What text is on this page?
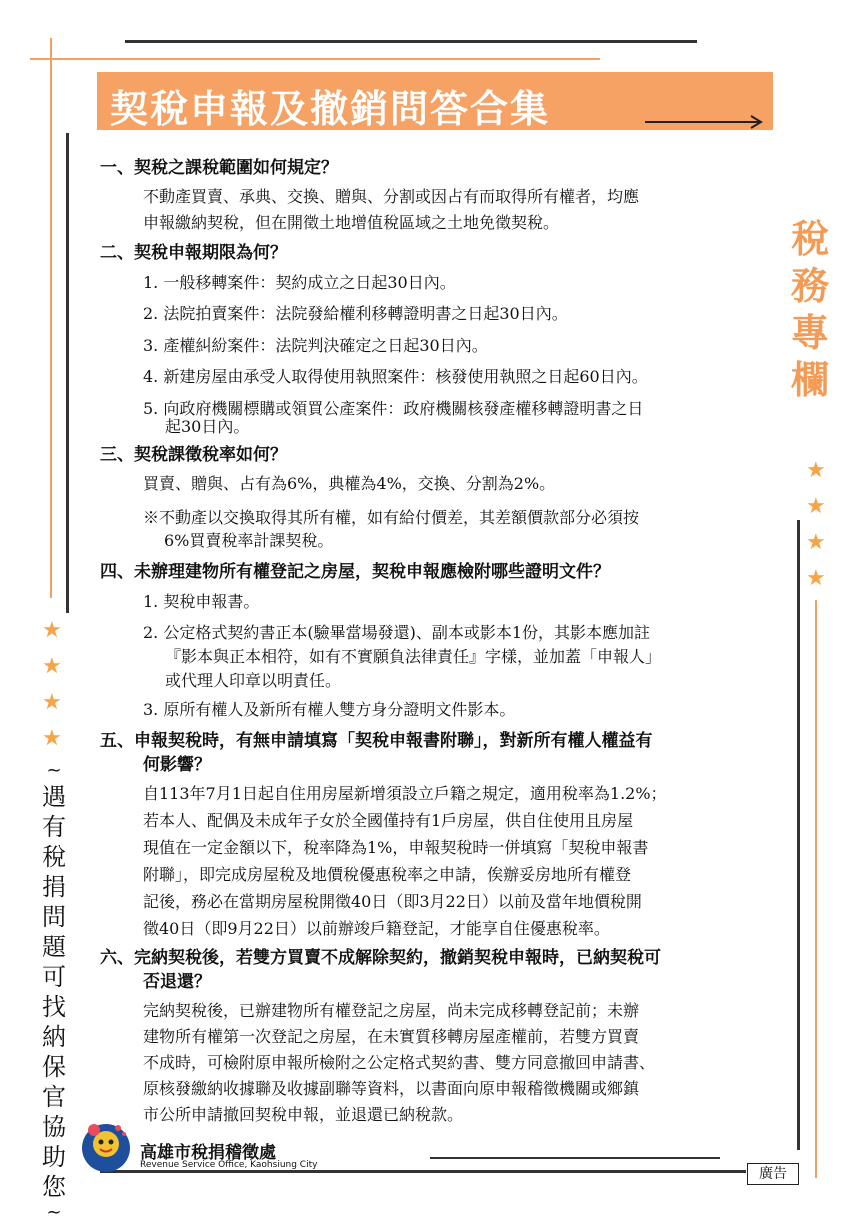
契稅申報及撤銷問答合集
稅
務
專
欄
★
★
★
★
★
★
★
★
~
遇
有
稅
捐
問
題
可
找
納
保
官
協
助
您
~
一、契稅之課稅範圍如何規定？
不動產買賣、承典、交換、贈與、分割或因占有而取得所有權者，均應
申報繳納契稅，但在開徵土地增值稅區域之土地免徵契稅。
二、契稅申報期限為何？
1. 一般移轉案件：契約成立之日起30日內。
2. 法院拍賣案件：法院發給權利移轉證明書之日起30日內。
3. 產權糾紛案件：法院判決確定之日起30日內。
4. 新建房屋由承受人取得使用執照案件：核發使用執照之日起60日內。
5. 向政府機關標購或領買公產案件：政府機關核發產權移轉證明書之日
起30日內。
三、契稅課徵稅率如何？
買賣、贈與、占有為6%，典權為4%，交換、分割為2%。
※不動產以交換取得其所有權，如有給付價差，其差額價款部分必須按
6%買賣稅率計課契稅。
四、未辦理建物所有權登記之房屋，契稅申報應檢附哪些證明文件？
1. 契稅申報書。
2. 公定格式契約書正本(驗畢當場發還)、副本或影本1份，其影本應加註
『影本與正本相符，如有不實願負法律責任』字樣，並加蓋「申報人」
或代理人印章以明責任。
3. 原所有權人及新所有權人雙方身分證明文件影本。
五、申報契稅時，有無申請填寫「契稅申報書附聯」，對新所有權人權益有
何影響？
自113年7月1日起自住用房屋新增須設立戶籍之規定，適用稅率為1.2%；
若本人、配偶及未成年子女於全國僅持有1戶房屋，供自住使用且房屋
現值在一定金額以下，稅率降為1%，申報契稅時一併填寫「契稅申報書
附聯」，即完成房屋稅及地價稅優惠稅率之申請，俟辦妥房地所有權登
記後，務必在當期房屋稅開徵40日（即3月22日）以前及當年地價稅開
徵40日（即9月22日）以前辦竣戶籍登記，才能享自住優惠稅率。
六、完納契稅後，若雙方買賣不成解除契約，撤銷契稅申報時，已納契稅可
否退還？
完納契稅後，已辦建物所有權登記之房屋，尚未完成移轉登記前；未辦
建物所有權第一次登記之房屋，在未實質移轉房屋產權前，若雙方買賣
不成時，可檢附原申報所檢附之公定格式契約書、雙方同意撤回申請書、
原核發繳納收據聯及收據副聯等資料，以書面向原申報稽徵機關或鄉鎮
市公所申請撤回契稅申報，並退還已納稅款。
高雄市稅捐稽徵處
Revenue Service Office, Kaohsiung City
廣告
